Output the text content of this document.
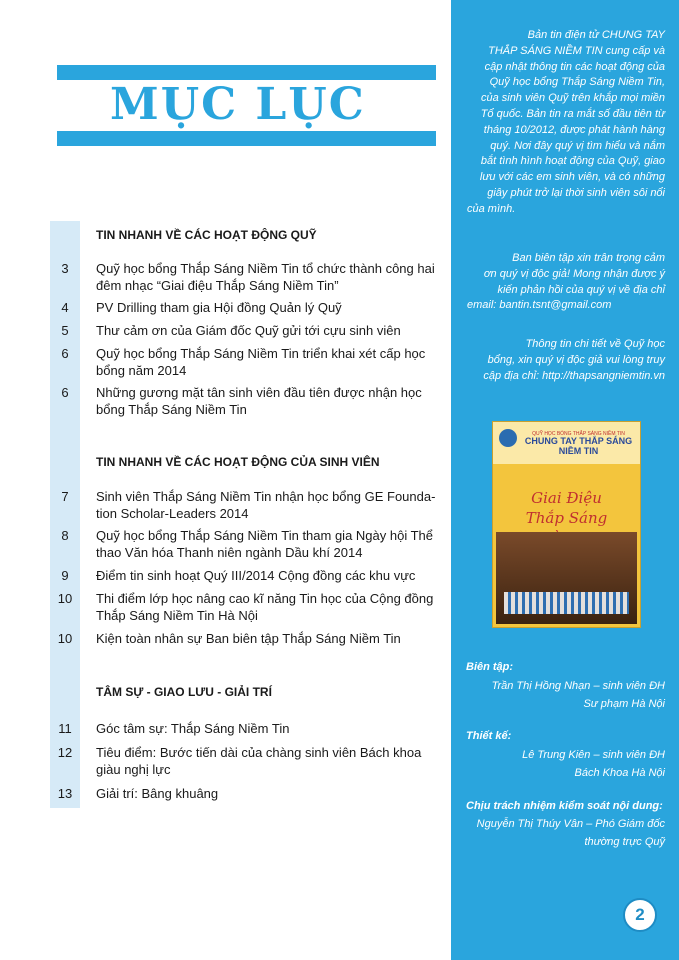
MỤC LỤC
TIN NHANH VỀ CÁC HOẠT ĐỘNG QUỸ
3	Quỹ học bổng Thắp Sáng Niềm Tin tổ chức thành công hai
đêm nhạc “Giai điệu Thắp Sáng Niềm Tin”
4	PV Drilling tham gia Hội đồng Quản lý Quỹ
5	Thư cảm ơn của Giám đốc Quỹ gửi tới cựu sinh viên
6	Quỹ học bổng Thắp Sáng Niềm Tin triển khai xét cấp học
bổng năm 2014
6	Những gương mặt tân sinh viên đầu tiên được nhận học
bổng Thắp Sáng Niềm Tin
TIN NHANH VỀ CÁC HOẠT ĐỘNG CỦA SINH VIÊN
7	Sinh viên Thắp Sáng Niềm Tin nhận học bổng GE Founda-
tion Scholar-Leaders 2014
8	Quỹ học bổng Thắp Sáng Niềm Tin tham gia Ngày hội Thể
thao Văn hóa Thanh niên ngành Dầu khí 2014
9	Điểm tin sinh hoạt Quý III/2014 Cộng đồng các khu vực
10	Thi điểm lớp học nâng cao kĩ năng Tin học của Cộng đồng
Thắp Sáng Niềm Tin Hà Nội
10	Kiện toàn nhân sự Ban biên tập Thắp Sáng Niềm Tin
TÂM SỰ - GIAO LƯU - GIẢI TRÍ
11	Góc tâm sự: Thắp Sáng Niềm Tin
12	Tiêu điểm: Bước tiến dài của chàng sinh viên Bách khoa
giàu nghị lực
13	Giải trí: Bâng khuâng
Bản tin điện tử CHUNG TAY
THẮP SÁNG NIỀM TIN cung cấp và
cập nhật thông tin các hoạt động của
Quỹ học bổng Thắp Sáng Niềm Tin,
của sinh viên Quỹ trên khắp mọi miền
Tổ quốc. Bản tin ra mắt số đầu tiên từ
tháng 10/2012, được phát hành hàng
quý. Nơi đây quý vị tìm hiểu và nắm
bắt tình hình hoạt động của Quỹ, giao
lưu với các em sinh viên, và có những
giây phút trở lại thời sinh viên sôi nổi
của mình.
Ban biên tập xin trân trọng cảm
ơn quý vị độc giả! Mong nhận được ý
kiến phản hồi của quý vị về địa chỉ
email: bantin.tsnt@gmail.com
Thông tin chi tiết về Quỹ học
bổng, xin quý vị độc giả vui lòng truy
cập địa chỉ: http://thapsangniemtin.vn
QUỸ HỌC BỔNG THẮP SÁNG NIỀM TIN
CHUNG TAY THẮP SÁNG NIỀM TIN
Giai Điệu
Thắp Sáng
Biên tập:
Trần Thị Hồng Nhạn – sinh viên ĐH
Sư phạm Hà Nội
Thiết kế:
Lê Trung Kiên – sinh viên ĐH
Bách Khoa Hà Nội
Chịu trách nhiệm kiểm soát nội dung:
Nguyễn Thị Thúy Vân – Phó Giám đốc
thường trực Quỹ
2
